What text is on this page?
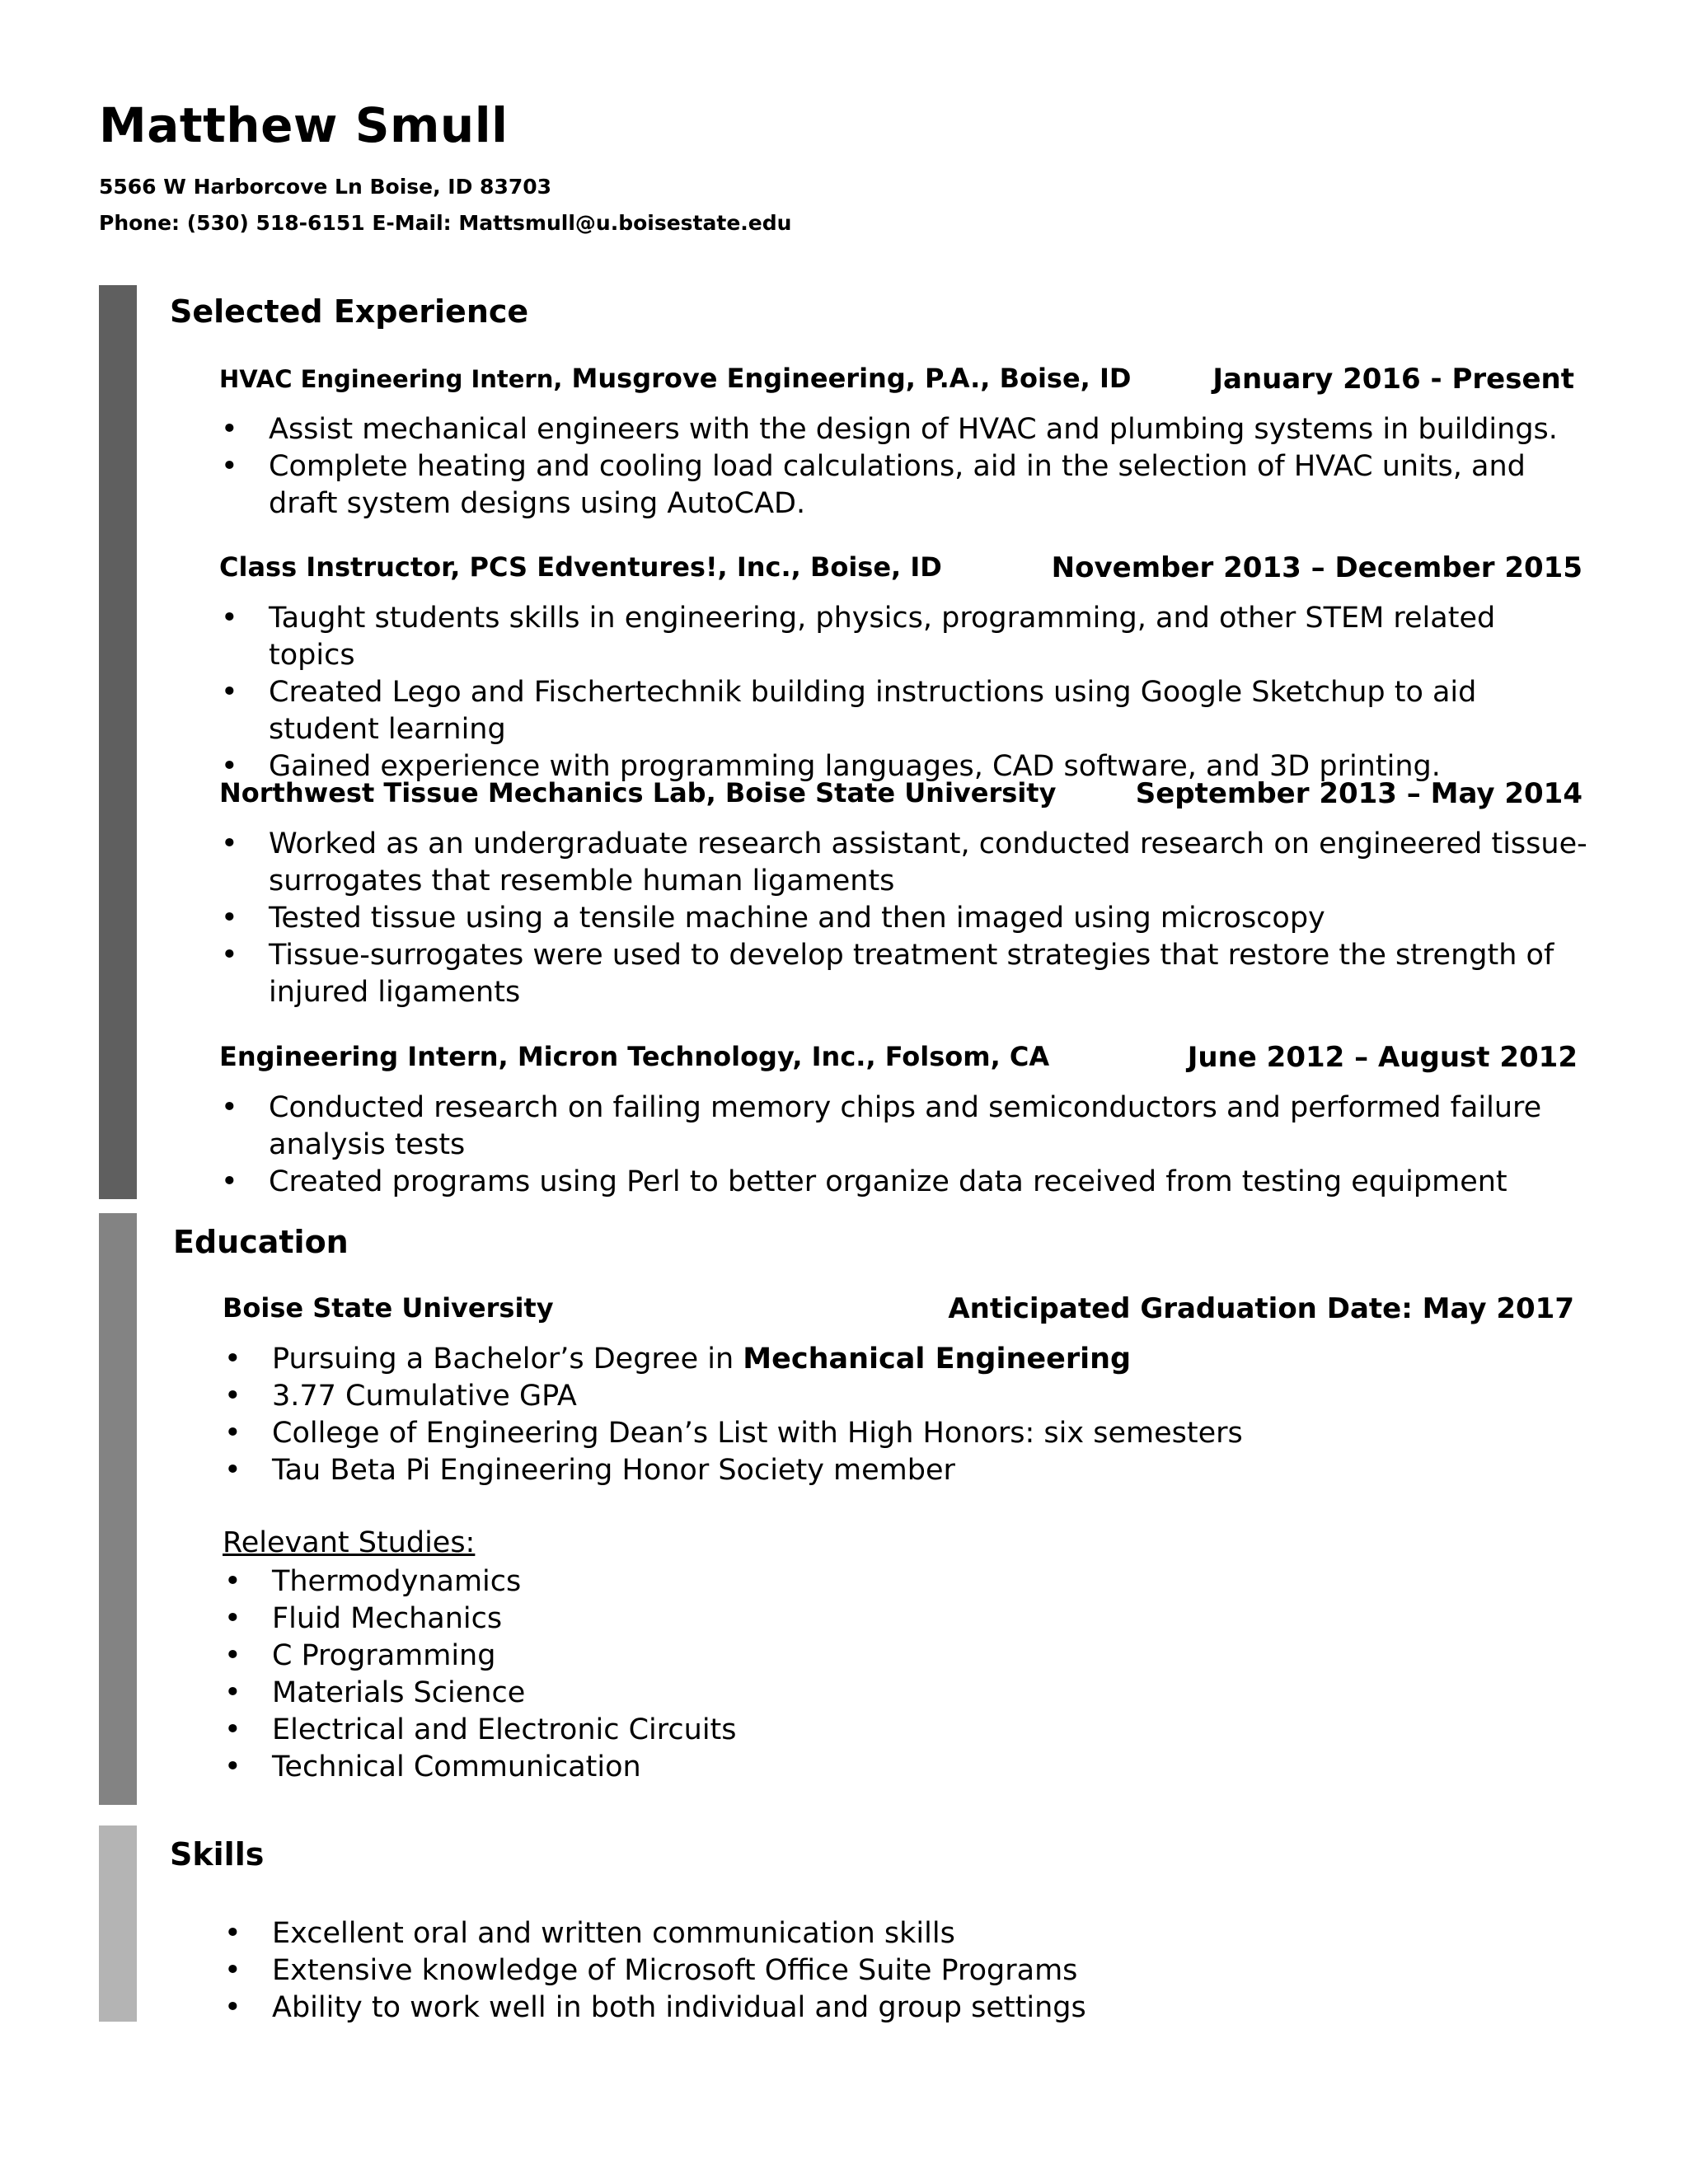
Matthew Smull
5566 W Harborcove Ln Boise, ID 83703
Phone: (530) 518-6151 E-Mail: Mattsmull@u.boisestate.edu
Selected Experience
HVAC Engineering Intern, Musgrove Engineering, P.A., Boise, ID	January 2016 - Present
• Assist mechanical engineers with the design of HVAC and plumbing systems in buildings.
• Complete heating and cooling load calculations, aid in the selection of HVAC units, and draft system designs using AutoCAD.
Class Instructor, PCS Edventures!, Inc., Boise, ID	November 2013 – December 2015
• Taught students skills in engineering, physics, programming, and other STEM related topics
• Created Lego and Fischertechnik building instructions using Google Sketchup to aid student learning
• Gained experience with programming languages, CAD software, and 3D printing.
Northwest Tissue Mechanics Lab, Boise State University	September 2013 – May 2014
• Worked as an undergraduate research assistant, conducted research on engineered tissue-surrogates that resemble human ligaments
• Tested tissue using a tensile machine and then imaged using microscopy
• Tissue-surrogates were used to develop treatment strategies that restore the strength of injured ligaments
Engineering Intern, Micron Technology, Inc., Folsom, CA	June 2012 – August 2012
• Conducted research on failing memory chips and semiconductors and performed failure analysis tests
• Created programs using Perl to better organize data received from testing equipment
Education
Boise State University	Anticipated Graduation Date: May 2017
• Pursuing a Bachelor’s Degree in Mechanical Engineering
• 3.77 Cumulative GPA
• College of Engineering Dean’s List with High Honors: six semesters
• Tau Beta Pi Engineering Honor Society member
Relevant Studies:
• Thermodynamics
• Fluid Mechanics
• C Programming
• Materials Science
• Electrical and Electronic Circuits
• Technical Communication
Skills
• Excellent oral and written communication skills
• Extensive knowledge of Microsoft Office Suite Programs
• Ability to work well in both individual and group settings
